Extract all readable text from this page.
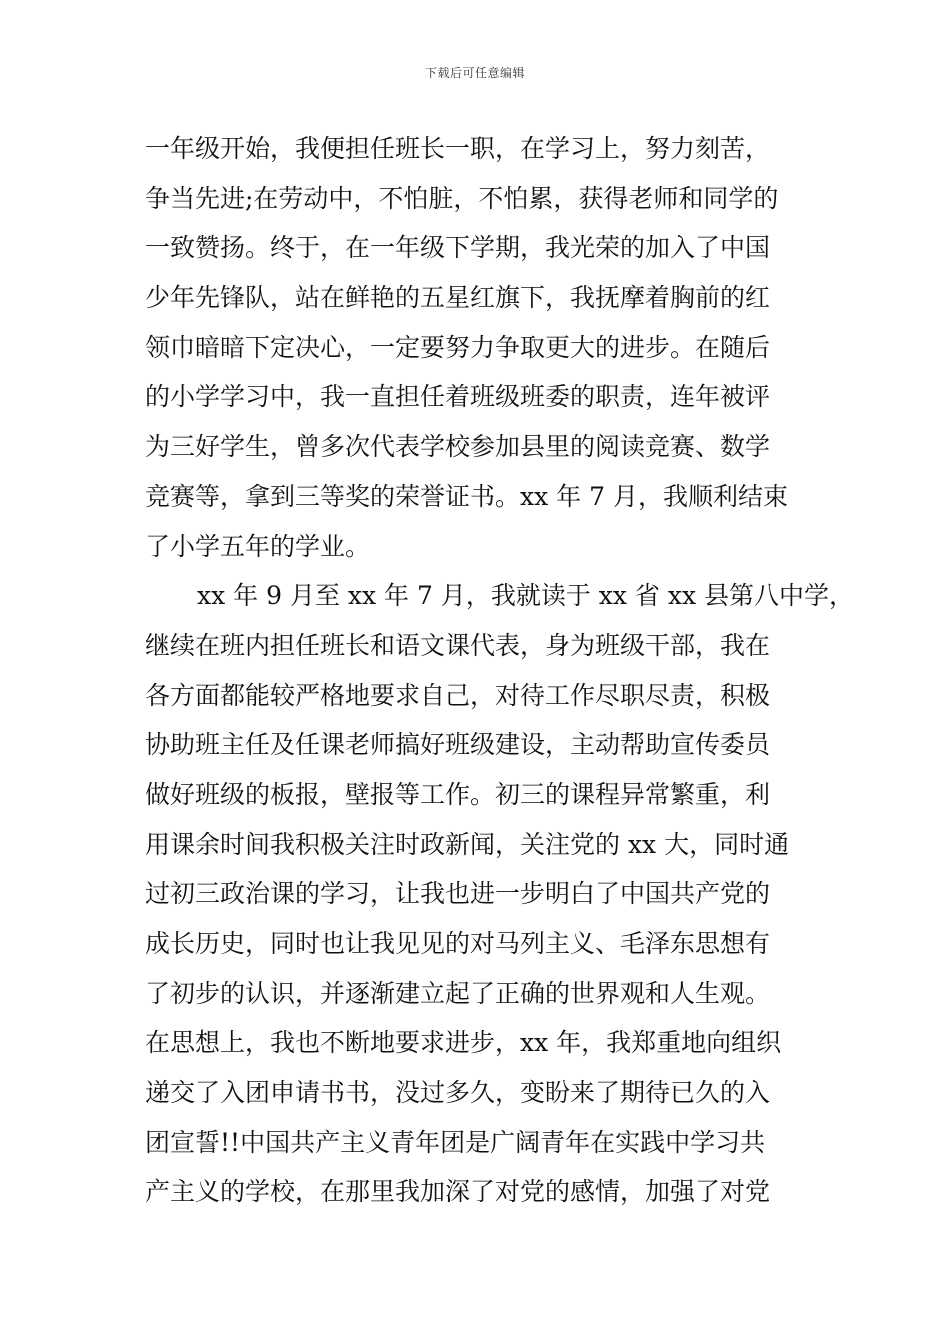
下载后可任意编辑
一年级开始，我便担任班长一职，在学习上，努力刻苦，
争当先进;在劳动中，不怕脏，不怕累，获得老师和同学的
一致赞扬。终于，在一年级下学期，我光荣的加入了中国
少年先锋队，站在鲜艳的五星红旗下，我抚摩着胸前的红
领巾暗暗下定决心，一定要努力争取更大的进步。在随后
的小学学习中，我一直担任着班级班委的职责，连年被评
为三好学生，曾多次代表学校参加县里的阅读竞赛、数学
竞赛等，拿到三等奖的荣誉证书。xx 年 7 月，我顺利结束
了小学五年的学业。
xx 年 9 月至 xx 年 7 月，我就读于 xx 省 xx 县第八中学，
继续在班内担任班长和语文课代表，身为班级干部，我在
各方面都能较严格地要求自己，对待工作尽职尽责，积极
协助班主任及任课老师搞好班级建设，主动帮助宣传委员
做好班级的板报，壁报等工作。初三的课程异常繁重，利
用课余时间我积极关注时政新闻，关注党的 xx 大，同时通
过初三政治课的学习，让我也进一步明白了中国共产党的
成长历史，同时也让我见见的对马列主义、毛泽东思想有
了初步的认识，并逐渐建立起了正确的世界观和人生观。
在思想上，我也不断地要求进步，xx 年，我郑重地向组织
递交了入团申请书书，没过多久，变盼来了期待已久的入
团宣誓!!中国共产主义青年团是广阔青年在实践中学习共
产主义的学校，在那里我加深了对党的感情，加强了对党
